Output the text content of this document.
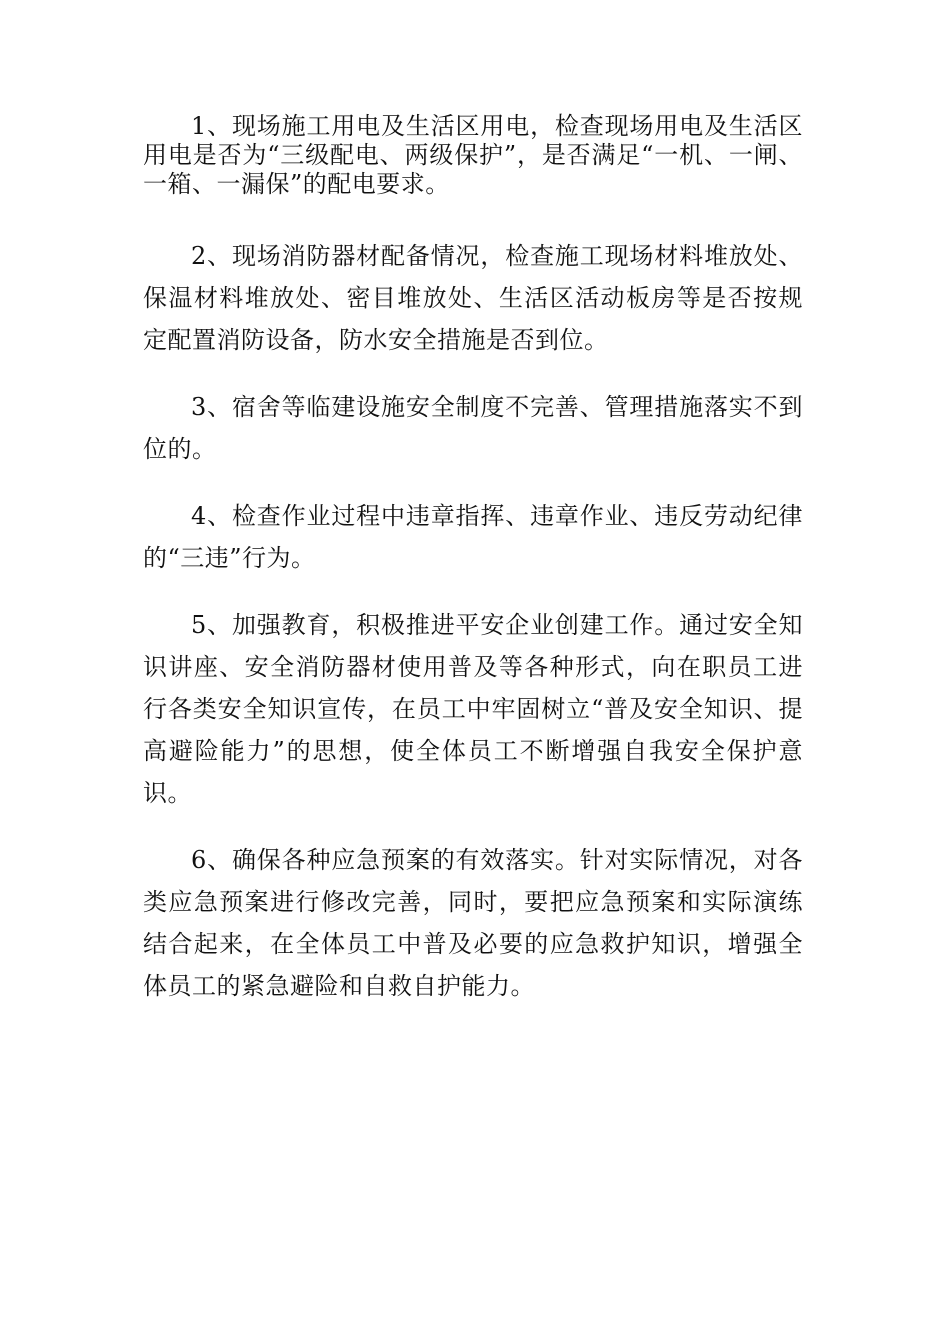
1、现场施工用电及生活区用电，检查现场用电及生活区用电是否为“三级配电、两级保护”，是否满足“一机、一闸、一箱、一漏保”的配电要求。

2、现场消防器材配备情况，检查施工现场材料堆放处、保温材料堆放处、密目堆放处、生活区活动板房等是否按规定配置消防设备，防水安全措施是否到位。

3、宿舍等临建设施安全制度不完善、管理措施落实不到位的。

4、检查作业过程中违章指挥、违章作业、违反劳动纪律的“三违”行为。

5、加强教育，积极推进平安企业创建工作。通过安全知识讲座、安全消防器材使用普及等各种形式，向在职员工进行各类安全知识宣传，在员工中牢固树立“普及安全知识、提高避险能力”的思想，使全体员工不断增强自我安全保护意识。

6、确保各种应急预案的有效落实。针对实际情况，对各类应急预案进行修改完善，同时，要把应急预案和实际演练结合起来，在全体员工中普及必要的应急救护知识，增强全体员工的紧急避险和自救自护能力。
